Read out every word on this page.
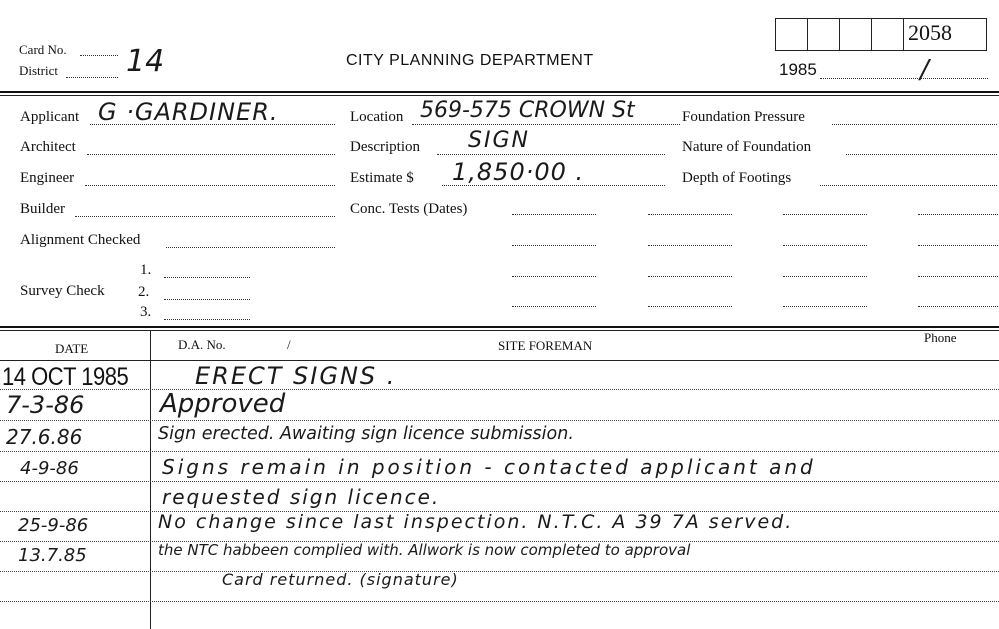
Card No.
District 14	CITY PLANNING DEPARTMENT
2058
1985	/
Applicant G ·GARDINER.
Architect
Engineer
Builder
Alignment Checked
Survey Check
1.
2.
3.
Location 569-575 CROWN St
Description SIGN
Estimate $ 1,850·00 .
Conc. Tests (Dates)
Foundation Pressure
Nature of Foundation
Depth of Footings
DATE	D.A. No.	/	SITE FOREMAN
Phone
14 OCT 1985	ERECT SIGNS .
7-3-86	Approved
27.6.86	Sign erected. Awaiting sign licence submission.
4-9-86	Signs remain in position - contacted applicant and
requested sign licence.
25-9-86	No change since last inspection. N.T.C. A 39 7A served.
13.7.85	the NTC habbeen complied with. Allwork is now completed to approval
Card returned. (signature)
